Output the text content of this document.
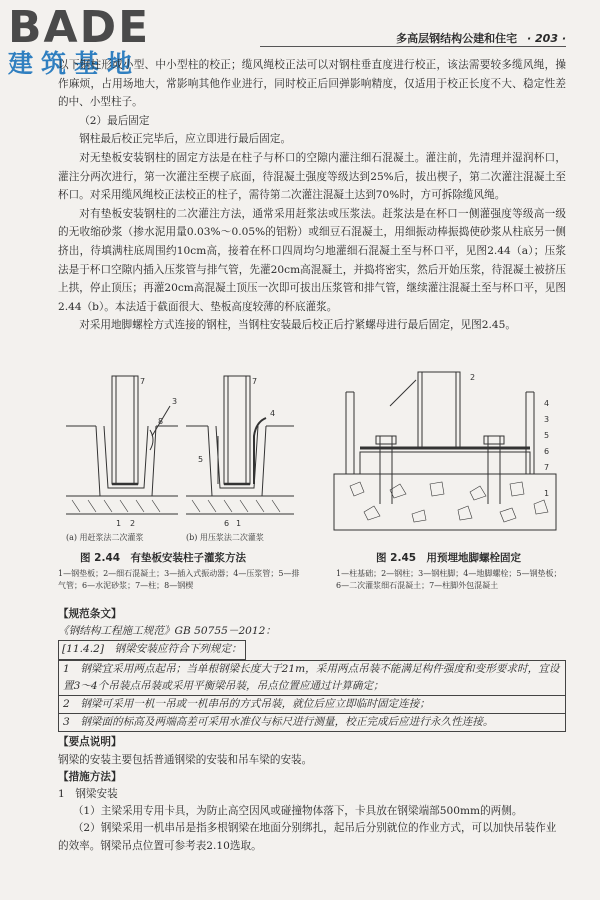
BADE
建筑基地
多高层钢结构公建和住宅 · 203 ·

以下钢柱形或小型、中小型柱的校正；缆风绳校正法可以对钢柱垂直度进行校正，该法需要较多缆风绳，操作麻烦，占用场地大，常影响其他作业进行，同时校正后回弹影响精度，仅适用于校正长度不大、稳定性差的中、小型柱子。

（2）最后固定

钢柱最后校正完毕后，应立即进行最后固定。

对无垫板安装钢柱的固定方法是在柱子与杯口的空隙内灌注细石混凝土。灌注前，先清理并湿润杯口，灌注分两次进行，第一次灌注至楔子底面，待混凝土强度等级达到25%后，拔出楔子，第二次灌注混凝土至杯口。对采用缆风绳校正法校正的柱子，需待第二次灌注混凝土达到70%时，方可拆除缆风绳。

对有垫板安装钢柱的二次灌注方法，通常采用赶浆法或压浆法。赶浆法是在杯口一侧灌强度等级高一级的无收缩砂浆（掺水泥用量0.03%～0.05%的铝粉）或细豆石混凝土，用细振动棒振捣使砂浆从柱底另一侧挤出，待填满柱底周围约10cm高，接着在杯口四周均匀地灌细石混凝土至与杯口平，见图2.44（a）；压浆法是于杯口空隙内插入压浆管与排气管，先灌20cm高混凝土，并捣将密实，然后开始压浆，待混凝土被挤压上拱，停止顶压；再灌20cm高混凝土顶压一次即可拔出压浆管和排气管，继续灌注混凝土至与杯口平，见图2.44（b）。本法适于截面很大、垫板高度较薄的杯底灌浆。

对采用地脚螺栓方式连接的钢柱，当钢柱安装最后校正后拧紧螺母进行最后固定，见图2.45。

7
8
3
1 2
4
7
5
6 1
(a) 用赶浆法二次灌浆	(b) 用压浆法二次灌浆
图 2.44　有垫板安装柱子灌浆方法
1—钢垫板；2—细石混凝土；3—插入式振动器；4—压浆管；5—排气管；6—水泥砂浆；7—柱；8—钢楔
2
4
3
5
6
7
1
图 2.45　用预埋地脚螺栓固定
1—柱基础；2—钢柱；3—钢柱脚；4—地脚螺栓；5—钢垫板；
6—二次灌浆细石混凝土；7—柱脚外包混凝土
【规范条文】
《钢结构工程施工规范》GB 50755－2012：
[11.4.2]　钢梁安装应符合下列规定：
1　钢梁宜采用两点起吊；当单根钢梁长度大于21m，采用两点吊装不能满足构件强度和变形要求时，宜设置3～4个吊装点吊装或采用平衡梁吊装，吊点位置应通过计算确定；
2　钢梁可采用一机一吊或一机串吊的方式吊装，就位后应立即临时固定连接；
3　钢梁面的标高及两端高差可采用水准仪与标尺进行测量，校正完成后应进行永久性连接。
【要点说明】
钢梁的安装主要包括普通钢梁的安装和吊车梁的安装。
【措施方法】
1　钢梁安装
（1）主梁采用专用卡具，为防止高空因风或碰撞物体落下，卡具放在钢梁端部500mm的两侧。
（2）钢梁采用一机串吊是指多根钢梁在地面分别绑扎，起吊后分别就位的作业方式，可以加快吊装作业的效率。钢梁吊点位置可参考表2.10选取。
